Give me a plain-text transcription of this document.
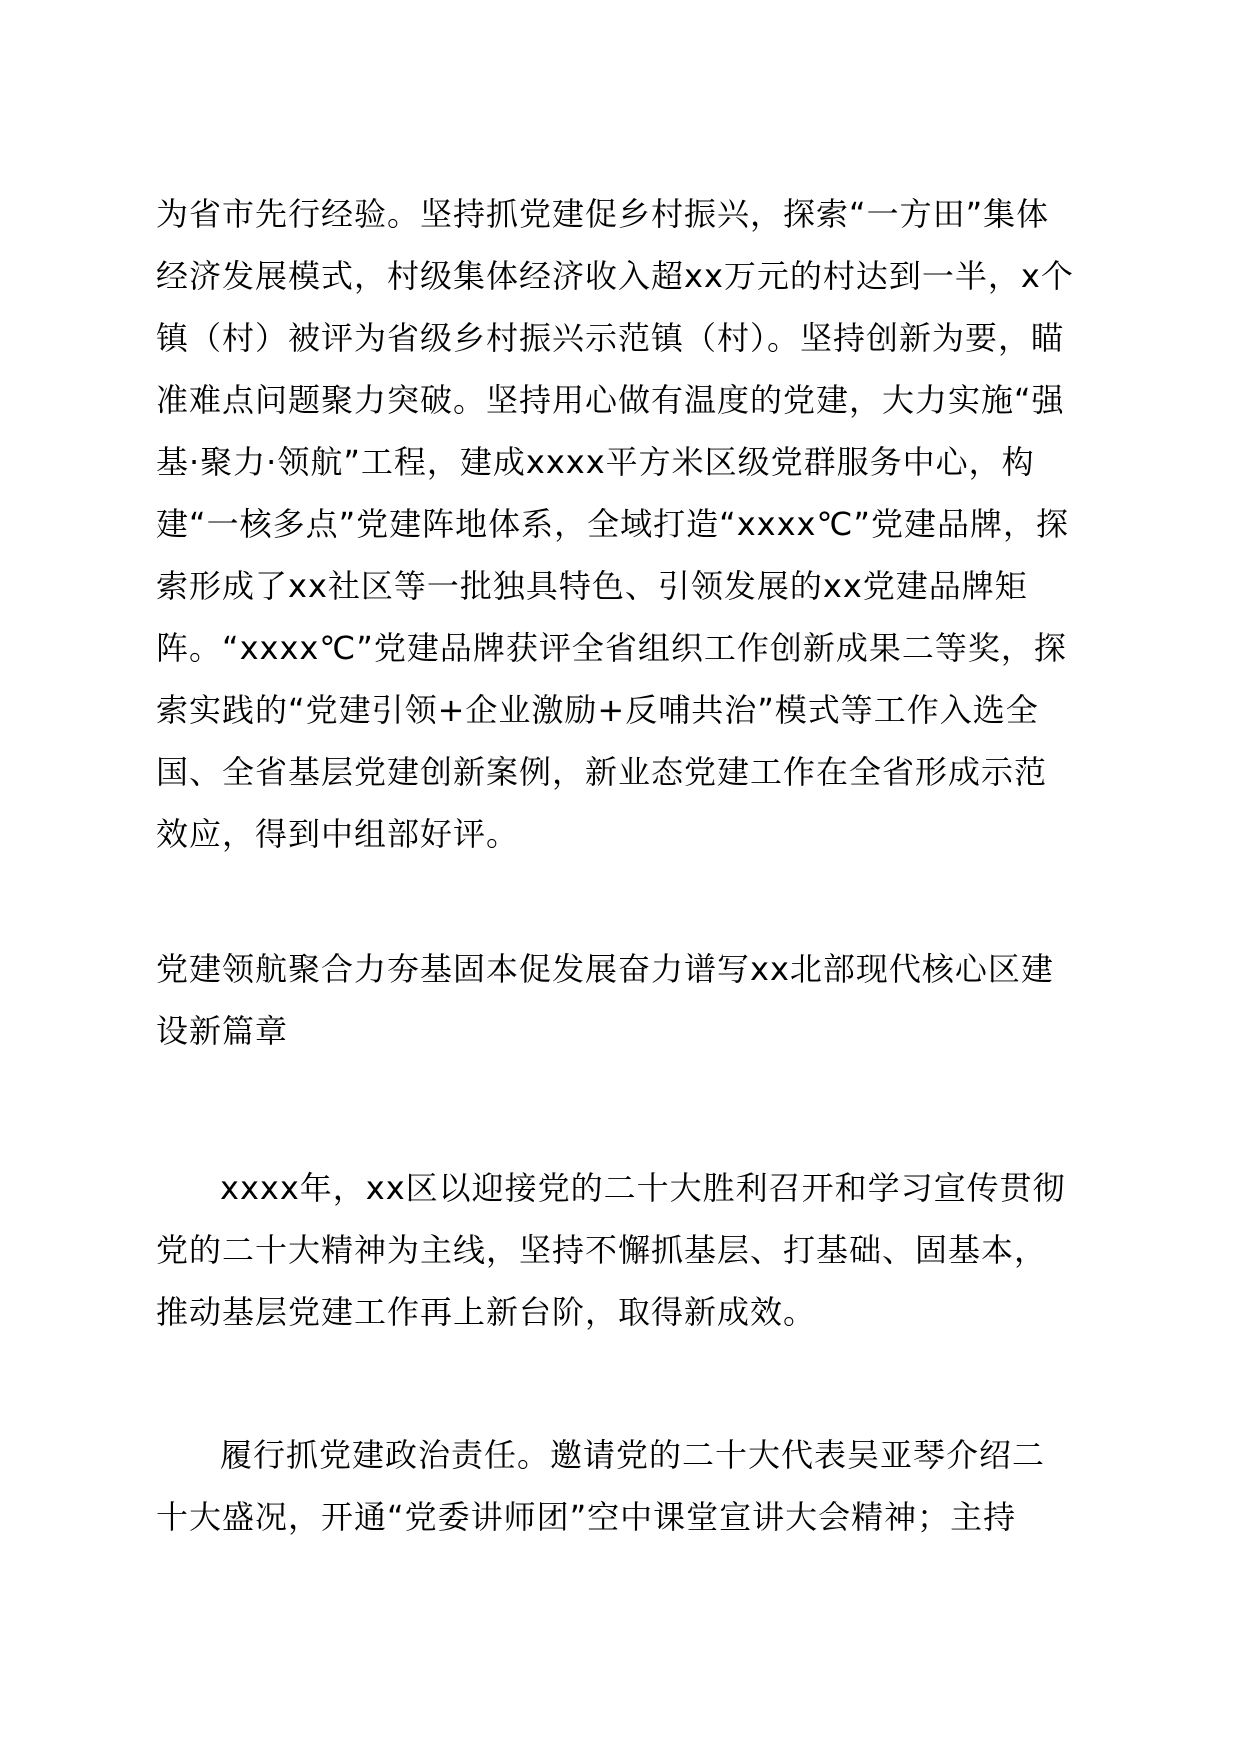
为省市先行经验。坚持抓党建促乡村振兴，探索“一方田”集体经济发展模式，村级集体经济收入超xx万元的村达到一半，x个镇（村）被评为省级乡村振兴示范镇（村）。坚持创新为要，瞄准难点问题聚力突破。坚持用心做有温度的党建，大力实施“强基·聚力·领航”工程，建成xxxx平方米区级党群服务中心，构建“一核多点”党建阵地体系，全域打造“xxxx℃”党建品牌，探索形成了xx社区等一批独具特色、引领发展的xx党建品牌矩阵。“xxxx℃”党建品牌获评全省组织工作创新成果二等奖，探索实践的“党建引领+企业激励+反哺共治”模式等工作入选全国、全省基层党建创新案例，新业态党建工作在全省形成示范效应，得到中组部好评。

党建领航聚合力夯基固本促发展奋力谱写xx北部现代核心区建设新篇章

xxxx年，xx区以迎接党的二十大胜利召开和学习宣传贯彻党的二十大精神为主线，坚持不懈抓基层、打基础、固基本，推动基层党建工作再上新台阶，取得新成效。

履行抓党建政治责任。邀请党的二十大代表吴亚琴介绍二十大盛况，开通“党委讲师团”空中课堂宣讲大会精神；主持
